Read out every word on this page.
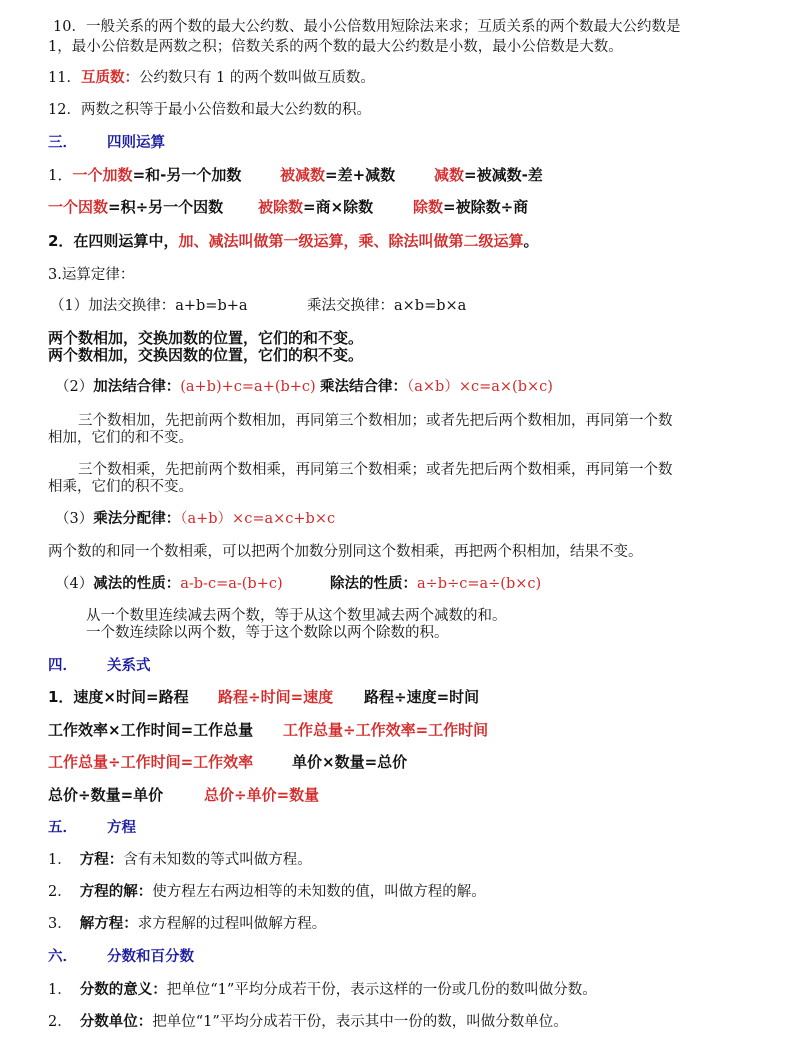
10．一般关系的两个数的最大公约数、最小公倍数用短除法来求；互质关系的两个数最大公约数是
1，最小公倍数是两数之积；倍数关系的两个数的最大公约数是小数，最小公倍数是大数。
11．互质数：公约数只有 1 的两个数叫做互质数。
12．两数之积等于最小公倍数和最大公约数的积。
三． 四则运算
1．一个加数=和-另一个加数	被减数=差+减数	减数=被减数-差
一个因数=积÷另一个因数 被除数=商×除数	除数=被除数÷商
2．在四则运算中，加、减法叫做第一级运算，乘、除法叫做第二级运算。
3.运算定律：
（1）加法交换律：a+b=b+a	乘法交换律：a×b=b×a
两个数相加，交换加数的位置，它们的和不变。
两个数相加，交换因数的位置，它们的积不变。
（2）加法结合律：(a+b)+c=a+(b+c) 乘法结合律：（a×b）×c=a×(b×c)
三个数相加，先把前两个数相加，再同第三个数相加；或者先把后两个数相加，再同第一个数
相加，它们的和不变。
三个数相乘，先把前两个数相乘，再同第三个数相乘；或者先把后两个数相乘，再同第一个数
相乘，它们的积不变。
（3）乘法分配律：（a+b）×c=a×c+b×c
两个数的和同一个数相乘，可以把两个加数分别同这个数相乘，再把两个积相加，结果不变。
（4）减法的性质：a-b-c=a-(b+c)	除法的性质：a÷b÷c=a÷(b×c)
从一个数里连续减去两个数，等于从这个数里减去两个减数的和。
一个数连续除以两个数，等于这个数除以两个除数的积。
四． 关系式
1．速度×时间=路程 路程÷时间=速度 路程÷速度=时间
工作效率×工作时间=工作总量 工作总量÷工作效率=工作时间
工作总量÷工作时间=工作效率	单价×数量=总价
总价÷数量=单价	总价÷单价=数量
五． 方程
1． 方程：含有未知数的等式叫做方程。
2． 方程的解：使方程左右两边相等的未知数的值，叫做方程的解。
3． 解方程：求方程解的过程叫做解方程。
六． 分数和百分数
1． 分数的意义：把单位“1”平均分成若干份，表示这样的一份或几份的数叫做分数。
2． 分数单位：把单位“1”平均分成若干份，表示其中一份的数，叫做分数单位。
